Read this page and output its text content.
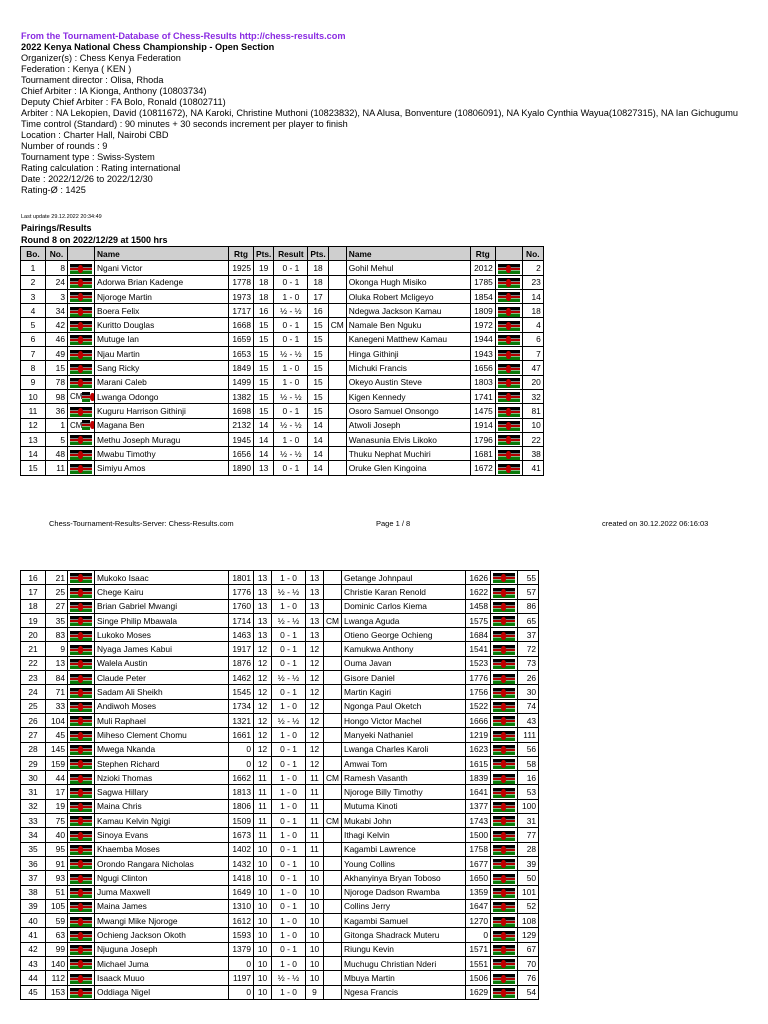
From the Tournament-Database of Chess-Results http://chess-results.com
2022 Kenya National Chess Championship - Open Section
Organizer(s) : Chess Kenya Federation
Federation : Kenya ( KEN )
Tournament director : Olisa, Rhoda
Chief Arbiter : IA Kionga, Anthony (10803734)
Deputy Chief Arbiter : FA Bolo, Ronald (10802711)
Arbiter : NA Lekopien, David (10811672), NA Karoki, Christine Muthoni (10823832), NA Alusa, Bonventure (10806091), NA Kyalo Cynthia Wayua(10827315), NA Ian Gichugumu
Time control (Standard) : 90 minutes + 30 seconds increment per player to finish
Location : Charter Hall, Nairobi CBD
Number of rounds : 9
Tournament type : Swiss-System
Rating calculation : Rating international
Date : 2022/12/26 to 2022/12/30
Rating-Ø : 1425
Last update 29.12.2022 20:34:49
Pairings/Results
Round 8 on 2022/12/29 at 1500 hrs
Bo.	No.		Name	Rtg	Pts.	Result	Pts.		Name	Rtg		No.
1	8		Ngani Victor	1925	19	0 - 1	18		Gohil Mehul	2012		2
2	24		Adorwa Brian Kadenge	1778	18	0 - 1	18		Okonga Hugh Misiko	1785		23
3	3		Njoroge Martin	1973	18	1 - 0	17		Oluka Robert Mcligeyo	1854		14
4	34		Boera Felix	1717	16	½ - ½	16		Ndegwa Jackson Kamau	1809		18
5	42		Kuritto Douglas	1668	15	0 - 1	15	CM	Namale Ben Nguku	1972		4
6	46		Mutuge Ian	1659	15	0 - 1	15		Kanegeni Matthew Kamau	1944		6
7	49		Njau Martin	1653	15	½ - ½	15		Hinga Githinji	1943		7
8	15		Sang Ricky	1849	15	1 - 0	15		Michuki Francis	1656		47
9	78		Marani Caleb	1499	15	1 - 0	15		Okeyo Austin Steve	1803		20
10	98	CM	Lwanga Odongo	1382	15	½ - ½	15		Kigen Kennedy	1741		32
11	36		Kuguru Harrison Githinji	1698	15	0 - 1	15		Osoro Samuel Onsongo	1475		81
12	1	CM	Magana Ben	2132	14	½ - ½	14		Atwoli Joseph	1914		10
13	5		Methu Joseph Muragu	1945	14	1 - 0	14		Wanasunia Elvis Likoko	1796		22
14	48		Mwabu Timothy	1656	14	½ - ½	14		Thuku Nephat Muchiri	1681		38
15	11		Simiyu Amos	1890	13	0 - 1	14		Oruke Glen Kingoina	1672		41
Chess-Tournament-Results-Server: Chess-Results.com	Page 1 / 8	created on 30.12.2022 06:16:03
16	21		Mukoko Isaac	1801	13	1 - 0	13		Getange Johnpaul	1626		55
17	25		Chege Kairu	1776	13	½ - ½	13		Christie Karan Renold	1622		57
18	27		Brian Gabriel Mwangi	1760	13	1 - 0	13		Dominic Carlos Kiema	1458		86
19	35		Singe Philip Mbawala	1714	13	½ - ½	13	CM	Lwanga Aguda	1575		65
20	83		Lukoko Moses	1463	13	0 - 1	13		Otieno George Ochieng	1684		37
21	9		Nyaga James Kabui	1917	12	0 - 1	12		Kamukwa Anthony	1541		72
22	13		Walela Austin	1876	12	0 - 1	12		Ouma Javan	1523		73
23	84		Claude Peter	1462	12	½ - ½	12		Gisore Daniel	1776		26
24	71		Sadam Ali Sheikh	1545	12	0 - 1	12		Martin Kagiri	1756		30
25	33		Andiwoh Moses	1734	12	1 - 0	12		Ngonga Paul Oketch	1522		74
26	104		Muli Raphael	1321	12	½ - ½	12		Hongo Victor Machel	1666		43
27	45		Miheso Clement Chomu	1661	12	1 - 0	12		Manyeki Nathaniel	1219		111
28	145		Mwega Nkanda	0	12	0 - 1	12		Lwanga Charles Karoli	1623		56
29	159		Stephen Richard	0	12	0 - 1	12		Amwai Tom	1615		58
30	44		Nzioki Thomas	1662	11	1 - 0	11	CM	Ramesh Vasanth	1839		16
31	17		Sagwa Hillary	1813	11	1 - 0	11		Njoroge Billy Timothy	1641		53
32	19		Maina Chris	1806	11	1 - 0	11		Mutuma Kinoti	1377		100
33	75		Kamau Kelvin Ngigi	1509	11	0 - 1	11	CM	Mukabi John	1743		31
34	40		Sinoya Evans	1673	11	1 - 0	11		Ithagi Kelvin	1500		77
35	95		Khaemba Moses	1402	10	0 - 1	11		Kagambi Lawrence	1758		28
36	91		Orondo Rangara Nicholas	1432	10	0 - 1	10		Young Collins	1677		39
37	93		Ngugi Clinton	1418	10	0 - 1	10		Akhanyinya Bryan Toboso	1650		50
38	51		Juma Maxwell	1649	10	1 - 0	10		Njoroge Dadson Rwamba	1359		101
39	105		Maina James	1310	10	0 - 1	10		Collins Jerry	1647		52
40	59		Mwangi Mike Njoroge	1612	10	1 - 0	10		Kagambi Samuel	1270		108
41	63		Ochieng Jackson Okoth	1593	10	1 - 0	10		Gitonga Shadrack Muteru	0		129
42	99		Njuguna Joseph	1379	10	0 - 1	10		Riungu Kevin	1571		67
43	140		Michael Juma	0	10	1 - 0	10		Muchugu Christian Nderi	1551		70
44	112		Isaack Muuo	1197	10	½ - ½	10		Mbuya Martin	1506		76
45	153		Oddiaga Nigel	0	10	1 - 0	9		Ngesa Francis	1629		54
